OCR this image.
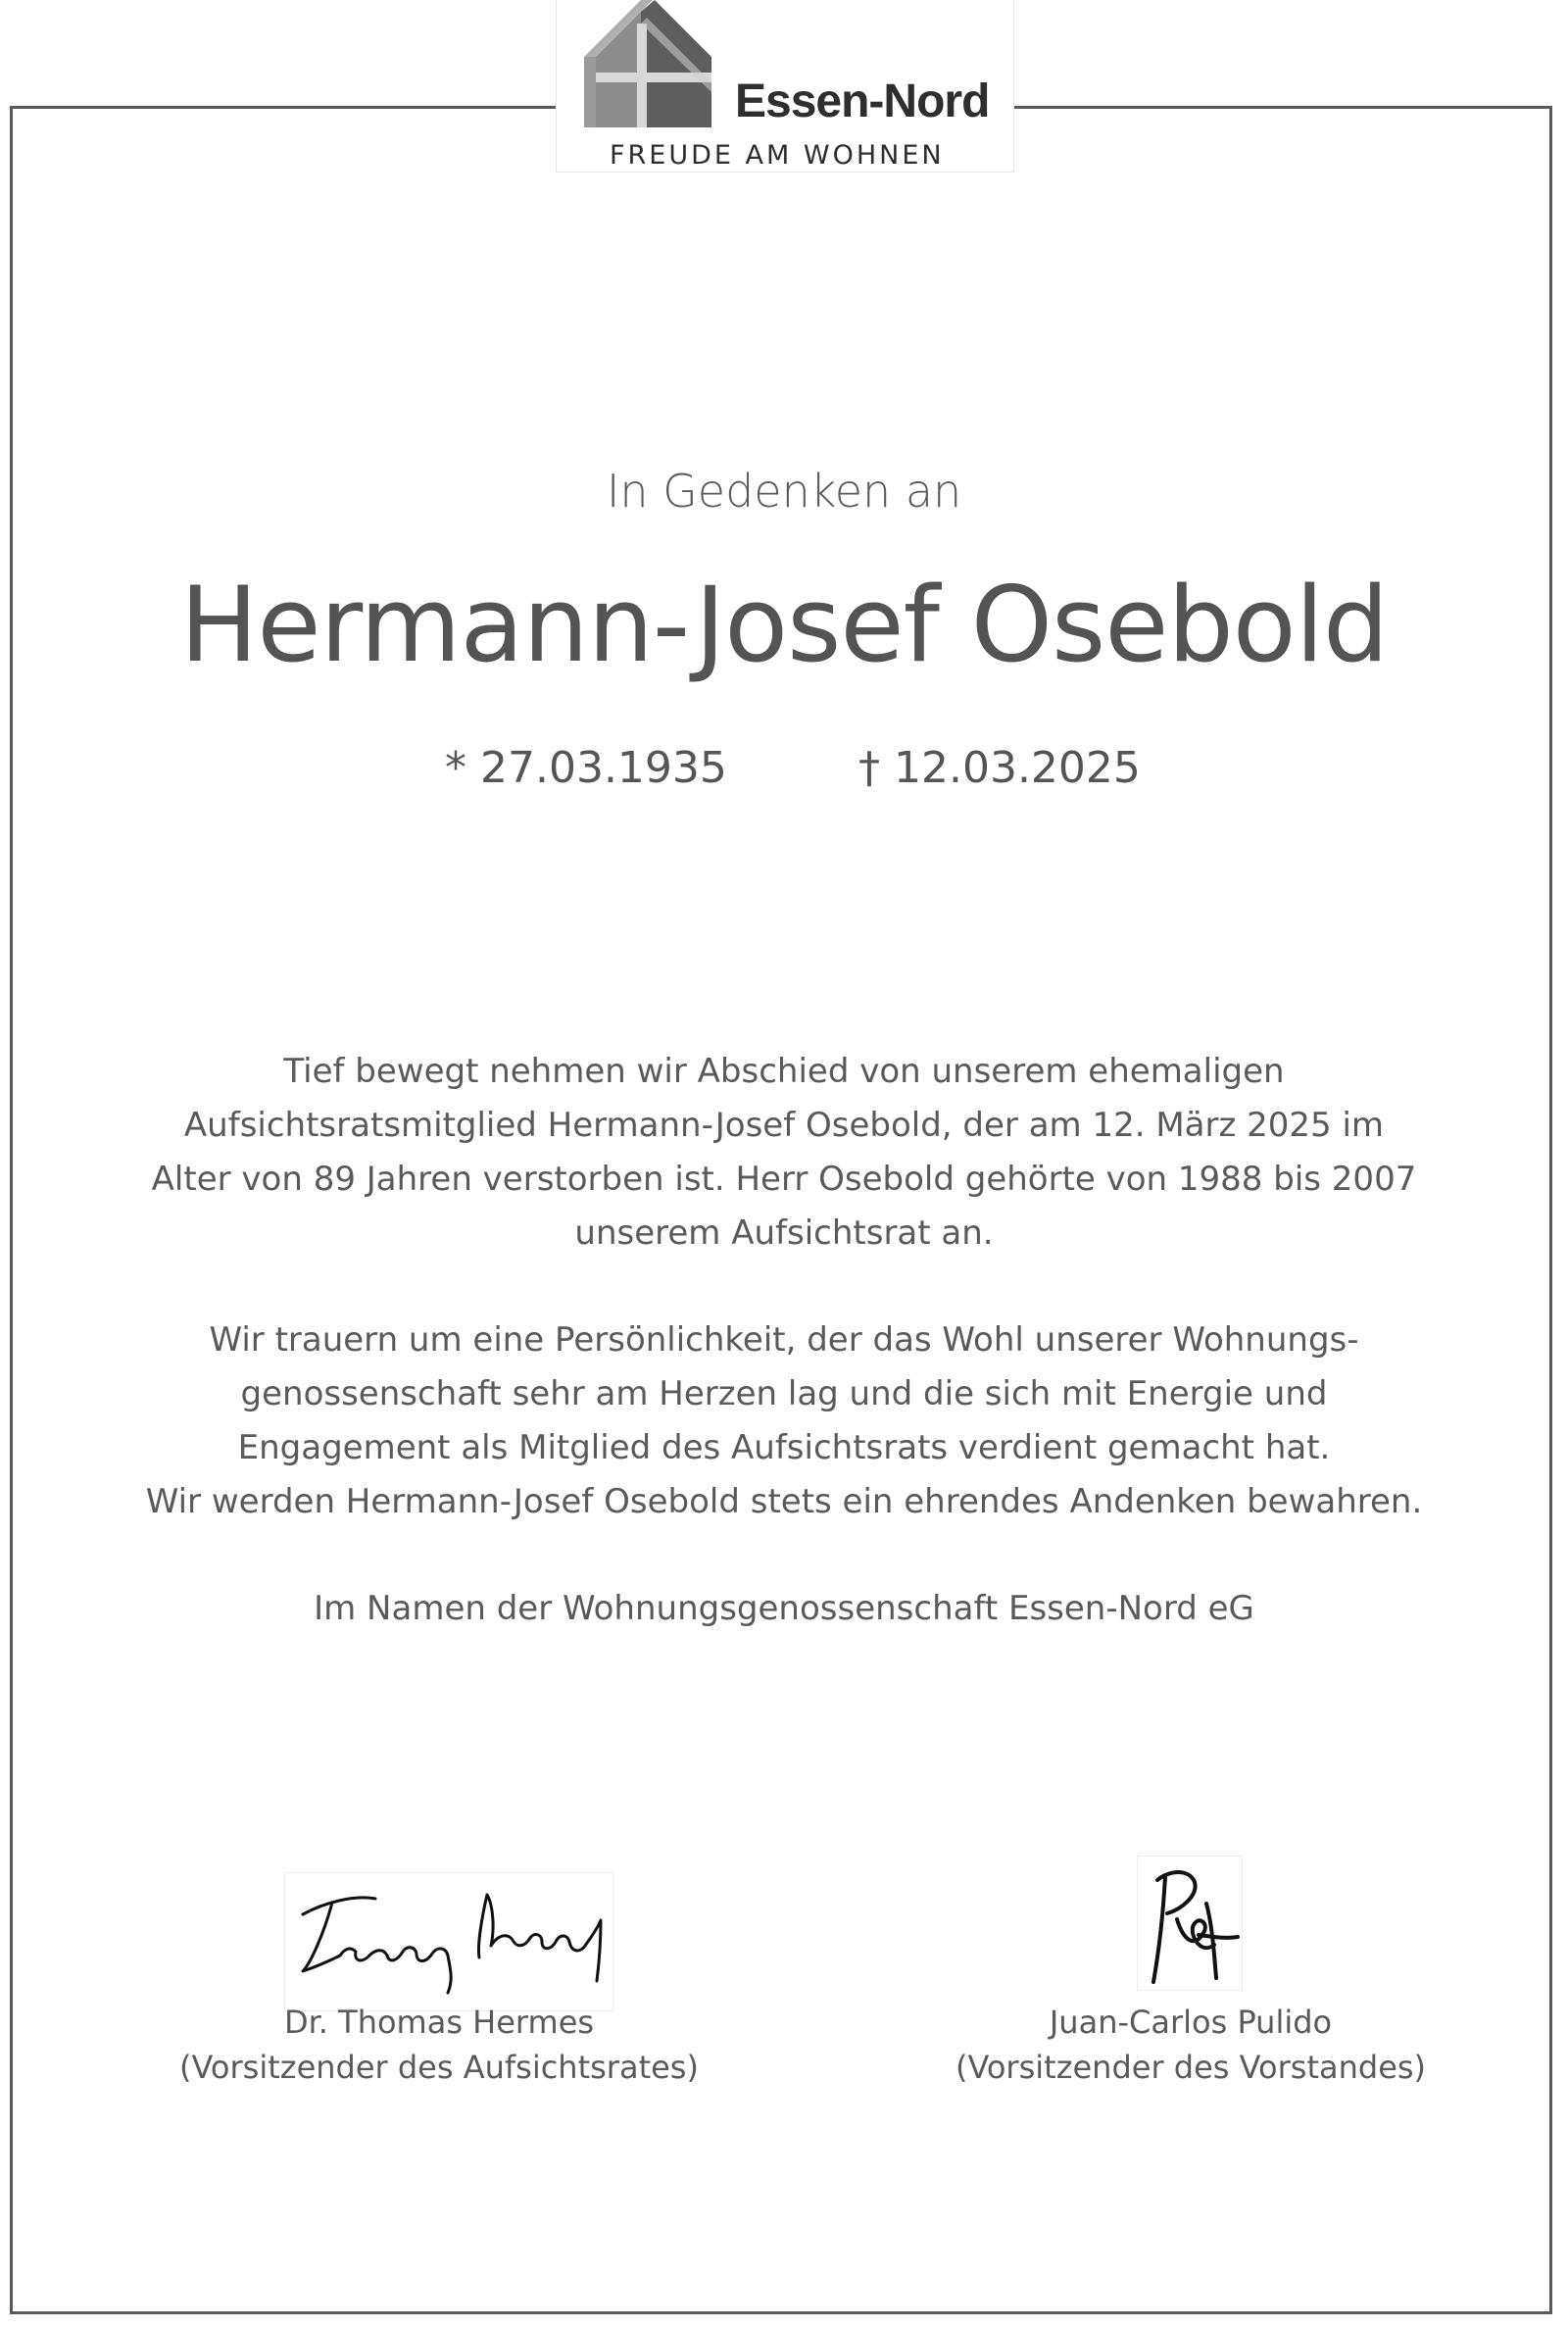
Essen-Nord
FREUDE AM WOHNEN
In Gedenken an
Hermann-Josef Osebold
* 27.03.1935	† 12.03.2025
Tief bewegt nehmen wir Abschied von unserem ehemaligen
Aufsichtsratsmitglied Hermann-Josef Osebold, der am 12. März 2025 im
Alter von 89 Jahren verstorben ist. Herr Osebold gehörte von 1988 bis 2007
unserem Aufsichtsrat an.
Wir trauern um eine Persönlichkeit, der das Wohl unserer Wohnungs-
genossenschaft sehr am Herzen lag und die sich mit Energie und
Engagement als Mitglied des Aufsichtsrats verdient gemacht hat.
Wir werden Hermann-Josef Osebold stets ein ehrendes Andenken bewahren.
Im Namen der Wohnungsgenossenschaft Essen-Nord eG
Dr. Thomas Hermes
(Vorsitzender des Aufsichtsrates)
Juan-Carlos Pulido
(Vorsitzender des Vorstandes)
